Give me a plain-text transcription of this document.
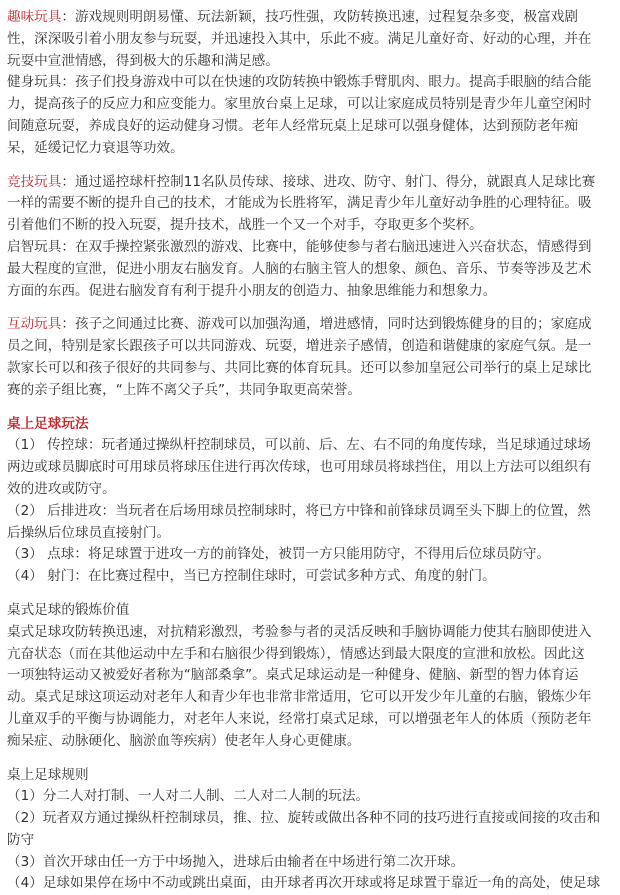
趣味玩具：游戏规则明朗易懂、玩法新颖，技巧性强，攻防转换迅速，过程复杂多变，极富戏剧
性，深深吸引着小朋友参与玩耍，并迅速投入其中，乐此不疲。满足儿童好奇、好动的心理，并在
玩耍中宣泄情感，得到极大的乐趣和满足感。

健身玩具：孩子们投身游戏中可以在快速的攻防转换中锻炼手臂肌肉、眼力。提高手眼脑的结合能
力，提高孩子的反应力和应变能力。家里放台桌上足球，可以让家庭成员特别是青少年儿童空闲时
间随意玩耍，养成良好的运动健身习惯。老年人经常玩桌上足球可以强身健体，达到预防老年痴
呆，延缓记忆力衰退等功效。

竞技玩具：通过遥控球杆控制11名队员传球、接球、进攻、防守、射门、得分，就跟真人足球比赛
一样的需要不断的提升自己的技术，才能成为长胜将军，满足青少年儿童好动争胜的心理特征。吸
引着他们不断的投入玩耍，提升技术，战胜一个又一个对手，夺取更多个奖杯。

启智玩具：在双手操控紧张激烈的游戏、比赛中，能够使参与者右脑迅速进入兴奋状态，情感得到
最大程度的宣泄，促进小朋友右脑发育。人脑的右脑主管人的想象、颜色、音乐、节奏等涉及艺术
方面的东西。促进右脑发育有利于提升小朋友的创造力、抽象思维能力和想象力。

互动玩具：孩子之间通过比赛、游戏可以加强沟通，增进感情，同时达到锻炼健身的目的；家庭成
员之间，特别是家长跟孩子可以共同游戏、玩耍，增进亲子感情，创造和谐健康的家庭气氛。是一
款家长可以和孩子很好的共同参与、共同比赛的体育玩具。还可以参加皇冠公司举行的桌上足球比
赛的亲子组比赛，“上阵不离父子兵”，共同争取更高荣誉。

桌上足球玩法

（1） 传控球：玩者通过操纵杆控制球员，可以前、后、左、右不同的角度传球，当足球通过球场
两边或球员脚底时可用球员将球压住进行再次传球，也可用球员将球挡住，用以上方法可以组织有
效的进攻或防守。
（2） 后排进攻：当玩者在后场用球员控制球时，将已方中锋和前锋球员调至头下脚上的位置，然
后操纵后位球员直接射门。
（3） 点球：将足球置于进攻一方的前锋处，被罚一方只能用防守，不得用后位球员防守。
（4） 射门：在比赛过程中，当已方控制住球时，可尝试多种方式、角度的射门。

桌式足球的锻炼价值

桌式足球攻防转换迅速，对抗精彩激烈，考验参与者的灵活反映和手脑协调能力使其右脑即使进入
亢奋状态（而在其他运动中左手和右脑很少得到锻炼），情感达到最大限度的宣泄和放松。因此这
一项独特运动又被爱好者称为“脑部桑拿”。桌式足球运动是一种健身、健脑、新型的智力体育运
动。桌式足球这项运动对老年人和青少年也非常非常适用，它可以开发少年儿童的右脑，锻炼少年
儿童双手的平衡与协调能力，对老年人来说，经常打桌式足球，可以增强老年人的体质（预防老年
痴呆症、动脉硬化、脑淤血等疾病）使老年人身心更健康。

桌上足球规则

（1）分二人对打制、一人对二人制、二人对二人制的玩法。
（2）玩者双方通过操纵杆控制球员，推、拉、旋转或做出各种不同的技巧进行直接或间接的攻击和
防守
（3）首次开球由任一方于中场抛入，进球后由输者在中场进行第二次开球。
（4）足球如果停在场中不动或跳出桌面，由开球者再次开球或将足球置于靠近一角的高处，使足球
